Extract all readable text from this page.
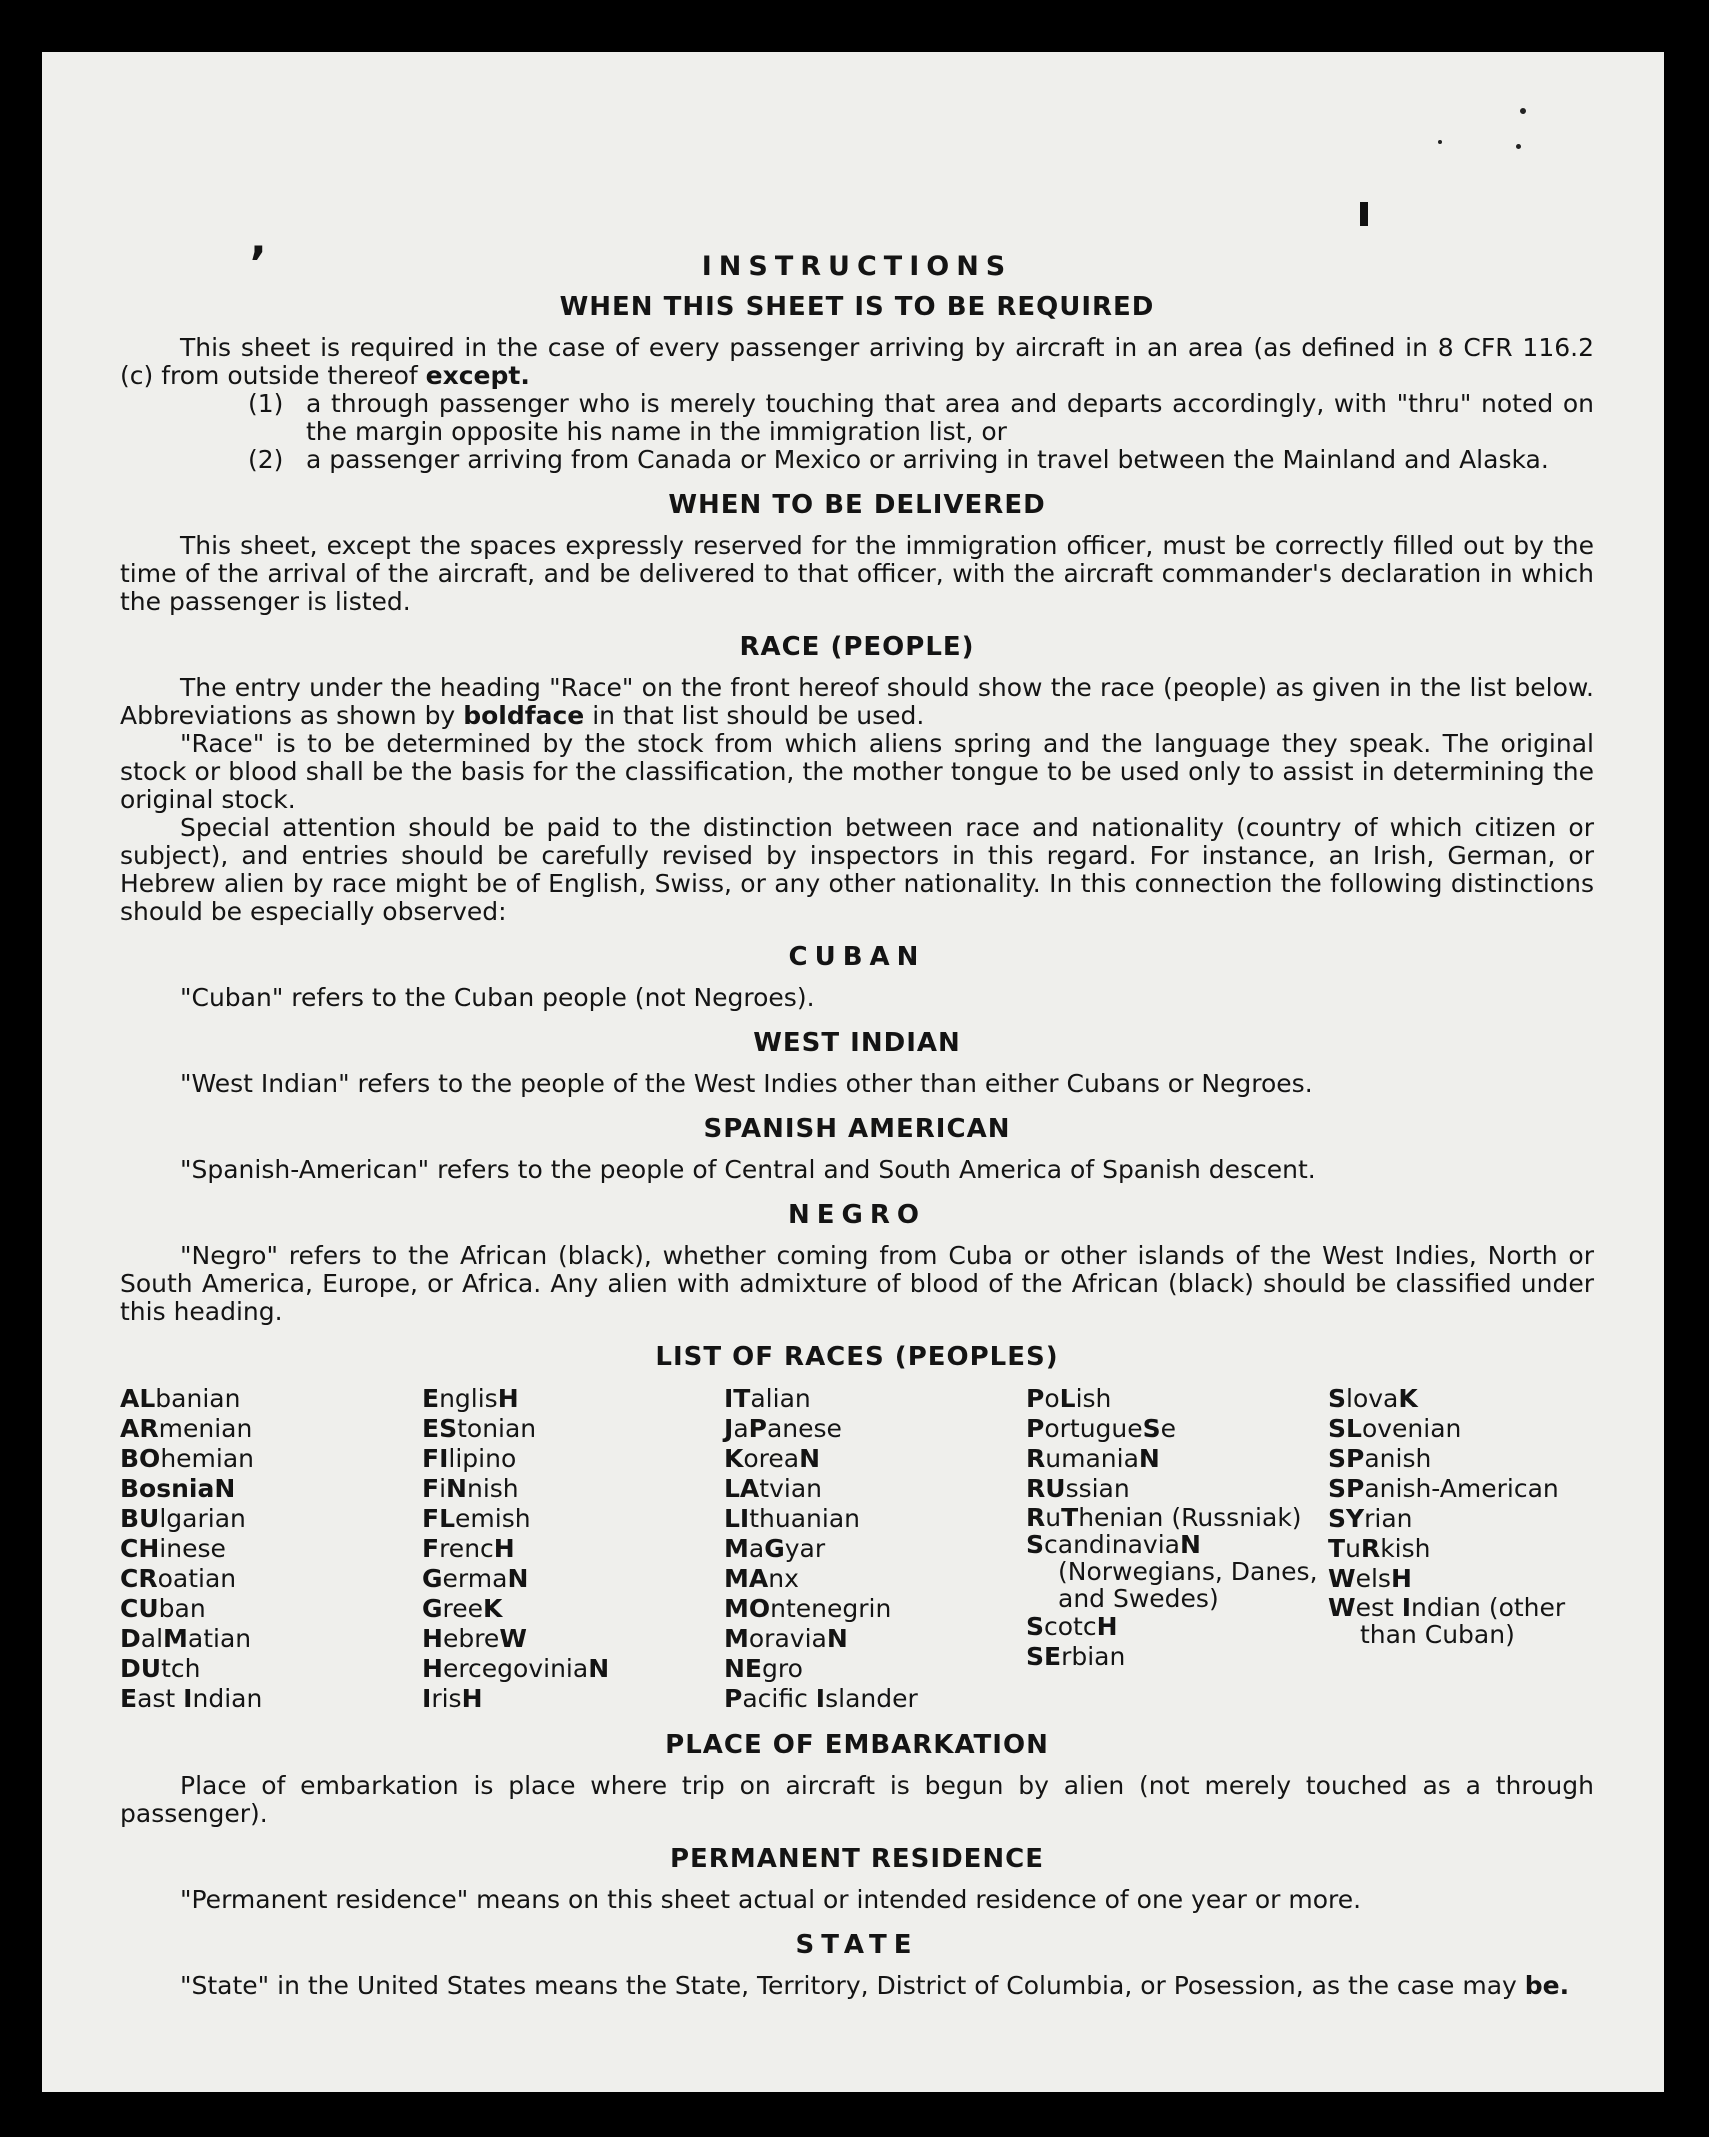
,
INSTRUCTIONS
WHEN THIS SHEET IS TO BE REQUIRED

This sheet is required in the case of every passenger arriving by aircraft in an area (as defined in 8 CFR 116.2 (c) from outside thereof except.

(1) a through passenger who is merely touching that area and departs accordingly, with "thru" noted on the margin opposite his name in the immigration list, or
(2) a passenger arriving from Canada or Mexico or arriving in travel between the Mainland and Alaska.
WHEN TO BE DELIVERED

This sheet, except the spaces expressly reserved for the immigration officer, must be correctly filled out by the time of the arrival of the aircraft, and be delivered to that officer, with the aircraft commander's declaration in which the passenger is listed.

RACE (PEOPLE)

The entry under the heading "Race" on the front hereof should show the race (people) as given in the list below. Abbreviations as shown by boldface in that list should be used.

"Race" is to be determined by the stock from which aliens spring and the language they speak. The original stock or blood shall be the basis for the classification, the mother tongue to be used only to assist in determining the original stock.

Special attention should be paid to the distinction between race and nationality (country of which citizen or subject), and entries should be carefully revised by inspectors in this regard. For instance, an Irish, German, or Hebrew alien by race might be of English, Swiss, or any other nationality. In this connection the following distinctions should be especially observed:

CUBAN

"Cuban" refers to the Cuban people (not Negroes).

WEST INDIAN

"West Indian" refers to the people of the West Indies other than either Cubans or Negroes.

SPANISH AMERICAN

"Spanish-American" refers to the people of Central and South America of Spanish descent.

NEGRO

"Negro" refers to the African (black), whether coming from Cuba or other islands of the West Indies, North or South America, Europe, or Africa. Any alien with admixture of blood of the African (black) should be classified under this heading.

LIST OF RACES (PEOPLES)
ALbanian
ARmenian
BOhemian
BosniaN
BUlgarian
CHinese
CRoatian
CUban
DalMatian
DUtch
East Indian
EnglisH
EStonian
FIlipino
FiNnish
FLemish
FrencH
GermaN
GreeK
HebreW
HercegoviniaN
IrisH
ITalian
JaPanese
KoreaN
LAtvian
LIthuanian
MaGyar
MAnx
MOntenegrin
MoraviaN
NEgro
Pacific Islander
PoLish
PortugueSe
RumaniaN
RUssian
RuThenian (Russniak)
ScandinaviaN (Norwegians, Danes, and Swedes)
ScotcH
SErbian
SlovaK
SLovenian
SPanish
SPanish-American
SYrian
TuRkish
WelsH
West Indian (other than Cuban)
PLACE OF EMBARKATION

Place of embarkation is place where trip on aircraft is begun by alien (not merely touched as a through passenger).

PERMANENT RESIDENCE

"Permanent residence" means on this sheet actual or intended residence of one year or more.

STATE

"State" in the United States means the State, Territory, District of Columbia, or Posession, as the case may be.
